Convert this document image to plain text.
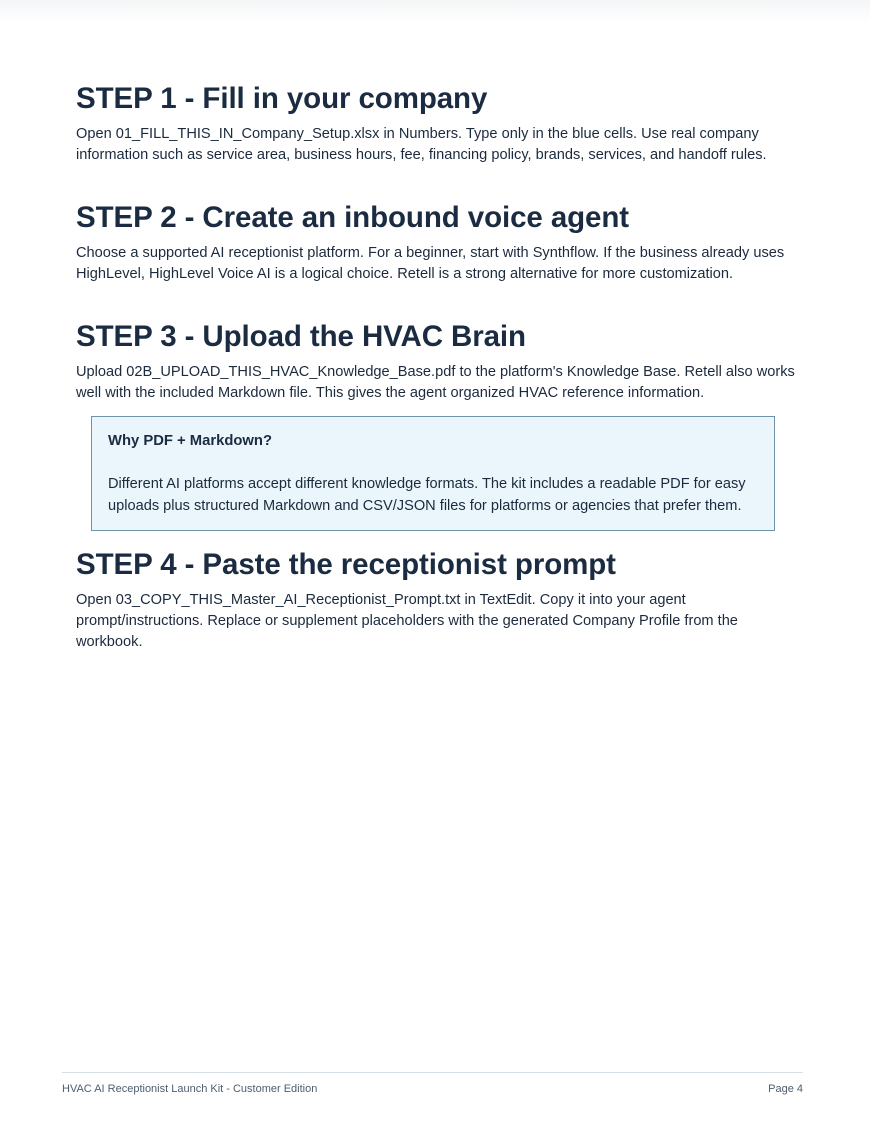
STEP 1 - Fill in your company

Open 01_FILL_THIS_IN_Company_Setup.xlsx in Numbers. Type only in the blue cells. Use real company information such as service area, business hours, fee, financing policy, brands, services, and handoff rules.

STEP 2 - Create an inbound voice agent

Choose a supported AI receptionist platform. For a beginner, start with Synthflow. If the business already uses HighLevel, HighLevel Voice AI is a logical choice. Retell is a strong alternative for more customization.

STEP 3 - Upload the HVAC Brain

Upload 02B_UPLOAD_THIS_HVAC_Knowledge_Base.pdf to the platform's Knowledge Base. Retell also works well with the included Markdown file. This gives the agent organized HVAC reference information.

Why PDF + Markdown?

Different AI platforms accept different knowledge formats. The kit includes a readable PDF for easy uploads plus structured Markdown and CSV/JSON files for platforms or agencies that prefer them.

STEP 4 - Paste the receptionist prompt

Open 03_COPY_THIS_Master_AI_Receptionist_Prompt.txt in TextEdit. Copy it into your agent prompt/instructions. Replace or supplement placeholders with the generated Company Profile from the workbook.

HVAC AI Receptionist Launch Kit - Customer Edition	Page 4
